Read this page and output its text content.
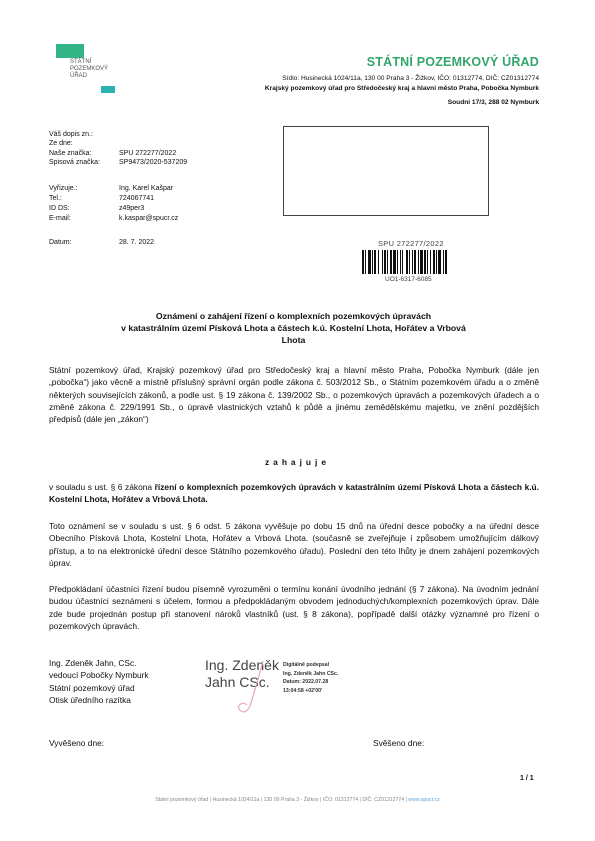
STÁTNÍ
POZEMKOVÝ
ÚŘAD
STÁTNÍ POZEMKOVÝ ÚŘAD
Sídlo: Husinecká 1024/11a, 130 00 Praha 3 - Žižkov, IČO: 01312774, DIČ: CZ01312774
Krajský pozemkový úřad pro Středočeský kraj a hlavní město Praha, Pobočka Nymburk
Soudní 17/3, 288 02 Nymburk
Váš dopis zn.:
Ze dne:
Naše značka:	SPU 272277/2022
Spisová značka:	SP9473/2020-537209
Vyřizuje.:	Ing. Karel Kašpar
Tel.:	724067741
ID DS:	z49per3
E-mail:	k.kaspar@spucr.cz
Datum:	28. 7. 2022	SPU 272277/2022
UO1-6317-6085
Oznámení o zahájení řízení o komplexních pozemkových úpravách
v katastrálním území Písková Lhota a částech k.ú. Kostelní Lhota, Hořátev a Vrbová
Lhota
Státní pozemkový úřad, Krajský pozemkový úřad pro Středočeský kraj a hlavní město Praha, Pobočka Nymburk (dále jen „pobočka“) jako věcně a místně příslušný správní orgán podle zákona č. 503/2012 Sb., o Státním pozemkovém úřadu a o změně některých souvisejících zákonů, a podle ust. § 19 zákona č. 139/2002 Sb., o pozemkových úpravách a pozemkových úřadech a o změně zákona č. 229/1991 Sb., o úpravě vlastnických vztahů k půdě a jinému zemědělskému majetku, ve znění pozdějších předpisů (dále jen „zákon“)
zahajuje
v souladu s ust. § 6 zákona řízení o komplexních pozemkových úpravách v katastrálním území Písková Lhota a částech k.ú. Kostelní Lhota, Hořátev a Vrbová Lhota.
Toto oznámení se v souladu s ust. § 6 odst. 5 zákona vyvěšuje po dobu 15 dnů na úřední desce pobočky a na úřední desce Obecního Písková Lhota, Kostelní Lhota, Hořátev a Vrbová Lhota. (současně se zveřejňuje i způsobem umožňujícím dálkový přístup, a to na elektronické úřední desce Státního pozemkového úřadu). Poslední den této lhůty je dnem zahájení pozemkových úprav.
Předpokládaní účastníci řízení budou písemně vyrozuměni o termínu konání úvodního jednání (§ 7 zákona). Na úvodním jednání budou účastníci seznámeni s účelem, formou a předpokládaným obvodem jednoduchých/komplexních pozemkových úprav. Dále zde bude projednán postup při stanovení nároků vlastníků (ust. § 8 zákona), popřípadě další otázky významné pro řízení o pozemkových úpravách.
Ing. Zdeněk Jahn, CSc.
vedoucí Pobočky Nymburk
Státní pozemkový úřad
Otisk úředního razítka
Ing. Zdeněk
Jahn CSc.
Digitálně podepsal
Ing. Zdeněk Jahn CSc.
Datum: 2022.07.28
13:04:58 +02'00'
Vyvěšeno dne:	Svěšeno dne:
1 / 1
Státní pozemkový úřad | Husinecká 1024/11a | 130 00 Praha 3 - Žižkov | IČO: 01312774 | DIČ: CZ01312774 | www.spucr.cz
